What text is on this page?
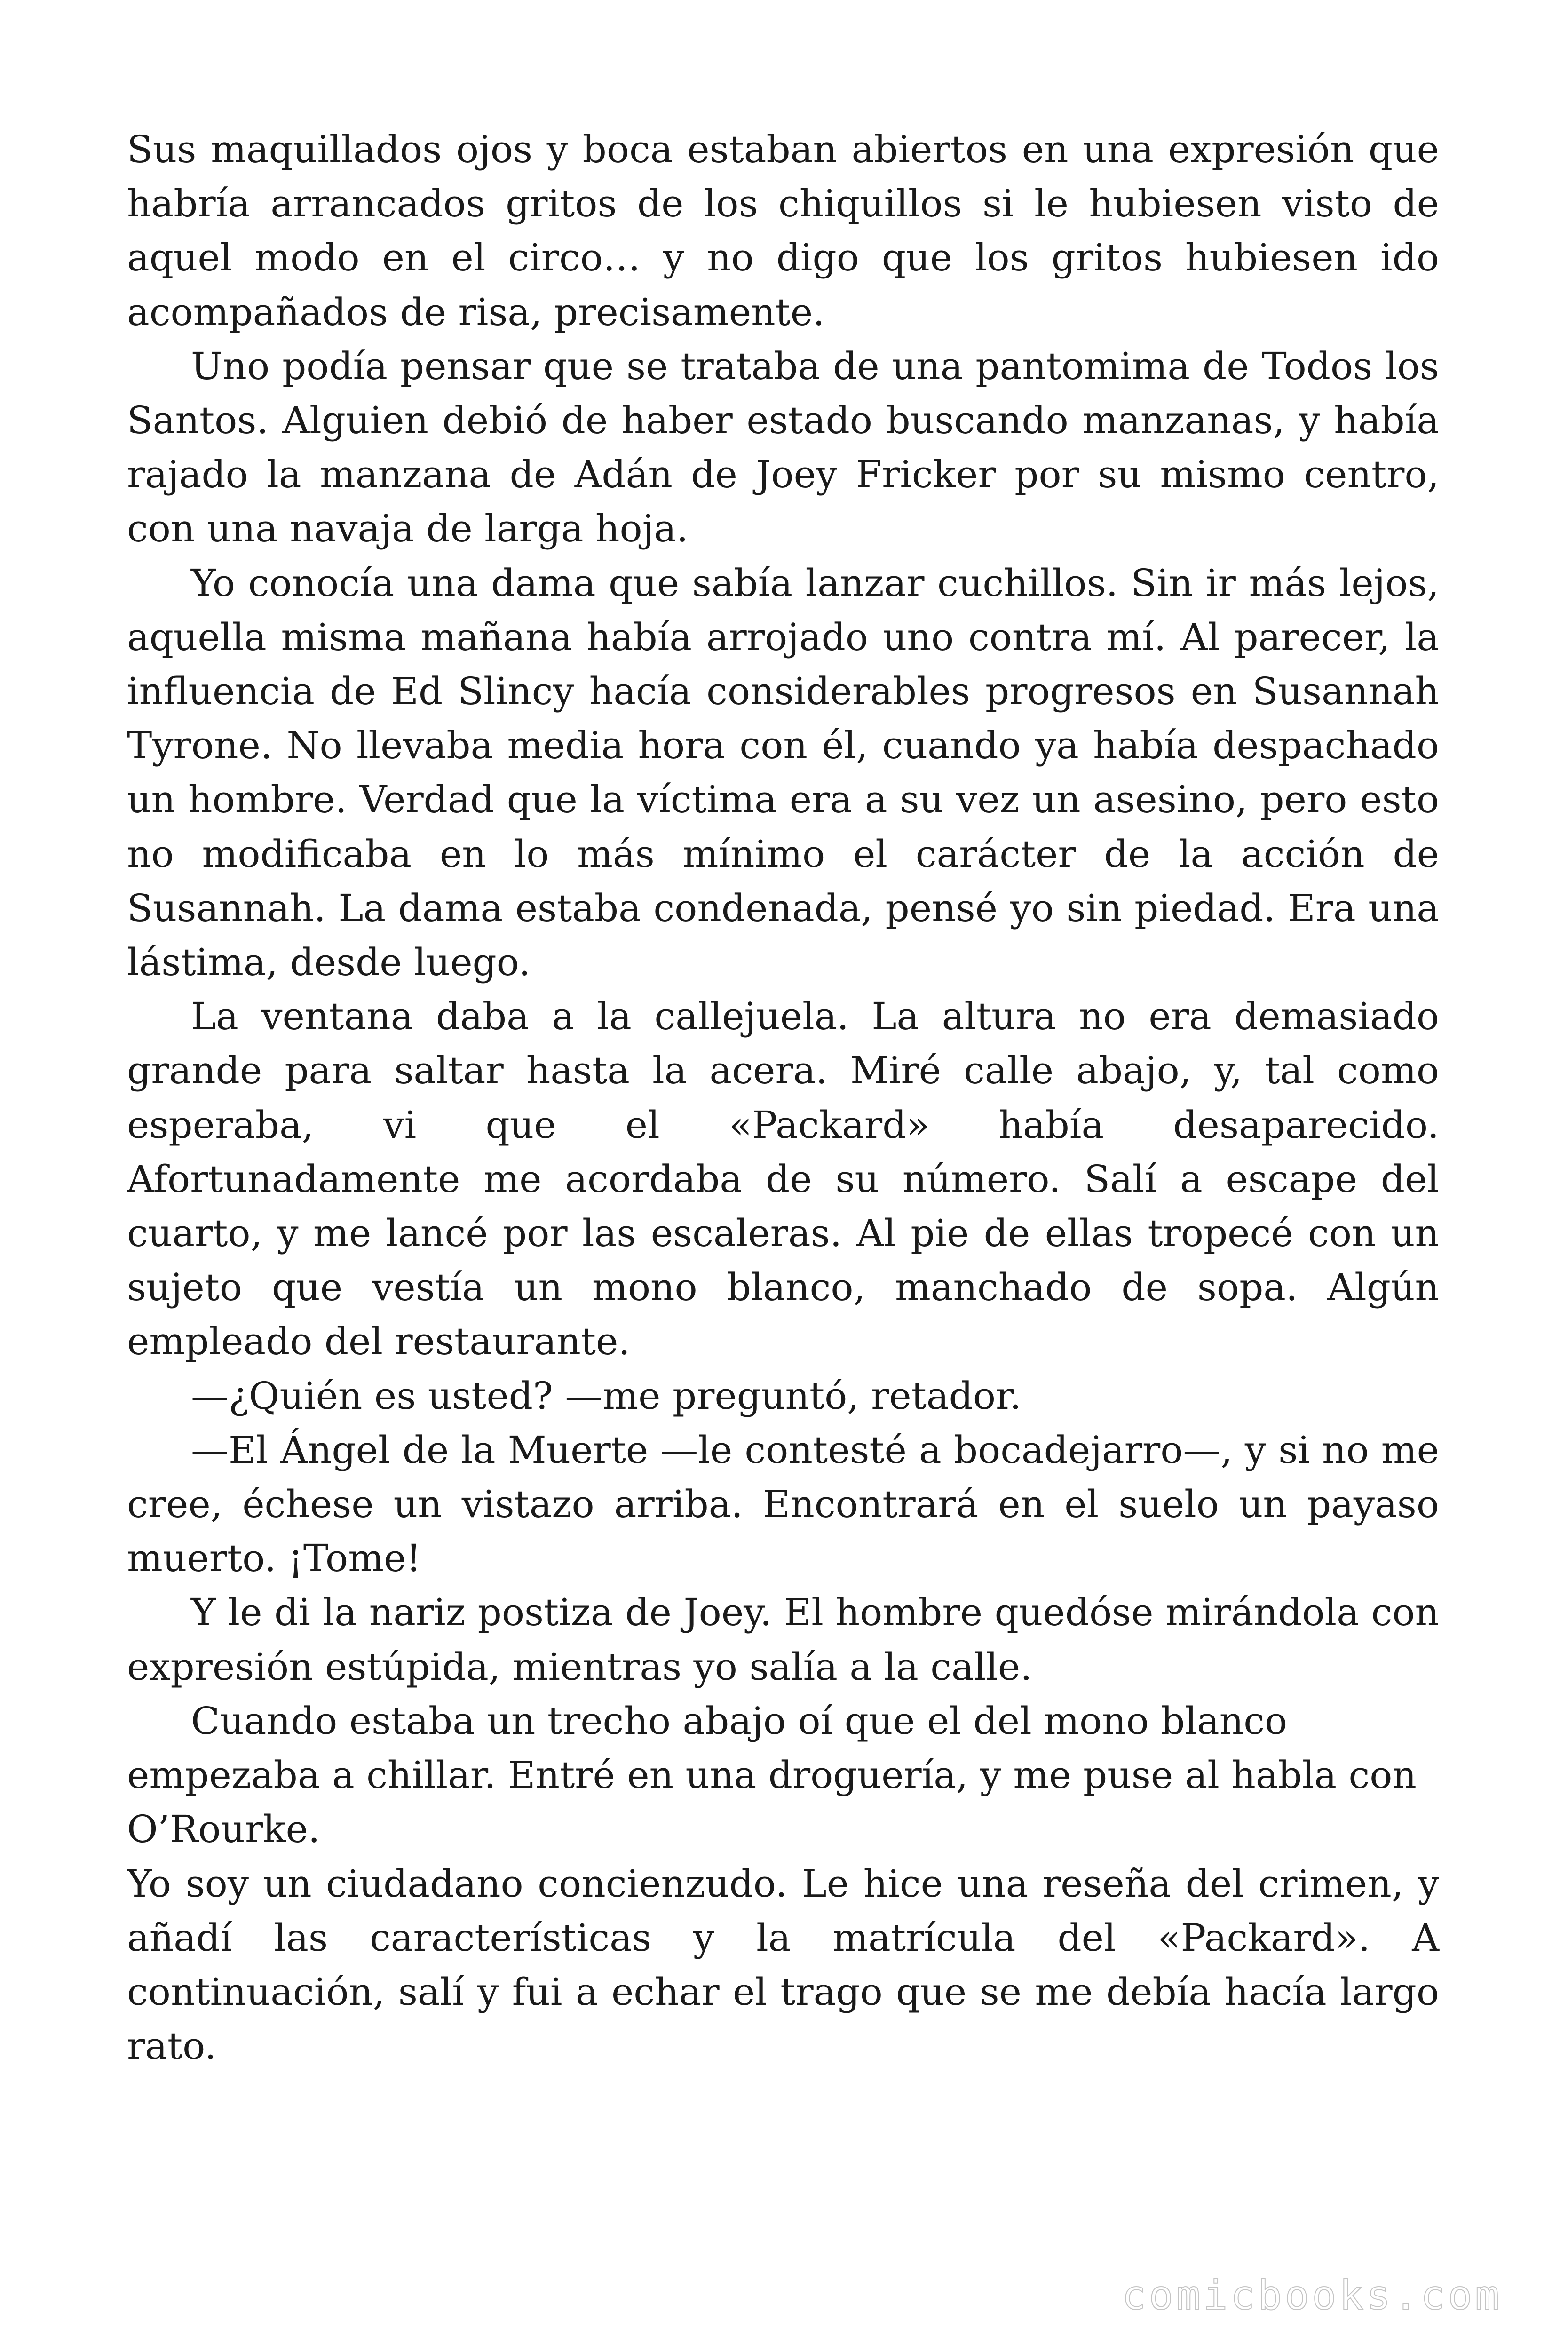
Sus maquillados ojos y boca estaban abiertos en una expresión que habría arrancados gritos de los chiquillos si le hubiesen visto de aquel modo en el circo… y no digo que los gritos hubiesen ido acompañados de risa, precisamente.

Uno podía pensar que se trataba de una pantomima de Todos los Santos. Alguien debió de haber estado buscando manzanas, y había rajado la manzana de Adán de Joey Fricker por su mismo centro, con una navaja de larga hoja.

Yo conocía una dama que sabía lanzar cuchillos. Sin ir más lejos, aquella misma mañana había arrojado uno contra mí. Al parecer, la influencia de Ed Slincy hacía considerables progresos en Susannah Tyrone. No llevaba media hora con él, cuando ya había despachado un hombre. Verdad que la víctima era a su vez un asesino, pero esto no modificaba en lo más mínimo el carácter de la acción de Susannah. La dama estaba condenada, pensé yo sin piedad. Era una lástima, desde luego.

La ventana daba a la callejuela. La altura no era demasiado grande para saltar hasta la acera. Miré calle abajo, y, tal como esperaba, vi que el «Packard» había desaparecido. Afortunadamente me acordaba de su número. Salí a escape del cuarto, y me lancé por las escaleras. Al pie de ellas tropecé con un sujeto que vestía un mono blanco, manchado de sopa. Algún empleado del restaurante.

—¿Quién es usted? —me preguntó, retador.

—El Ángel de la Muerte —le contesté a bocadejarro—, y si no me cree, échese un vistazo arriba. Encontrará en el suelo un payaso muerto. ¡Tome!

Y le di la nariz postiza de Joey. El hombre quedóse mirándola con expresión estúpida, mientras yo salía a la calle.

Cuando estaba un trecho abajo oí que el del mono blanco empezaba a chillar. Entré en una droguería, y me puse al habla con O’Rourke.

Yo soy un ciudadano concienzudo. Le hice una reseña del crimen, y añadí las características y la matrícula del «Packard». A continuación, salí y fui a echar el trago que se me debía hacía largo rato.

comicbooks.com
